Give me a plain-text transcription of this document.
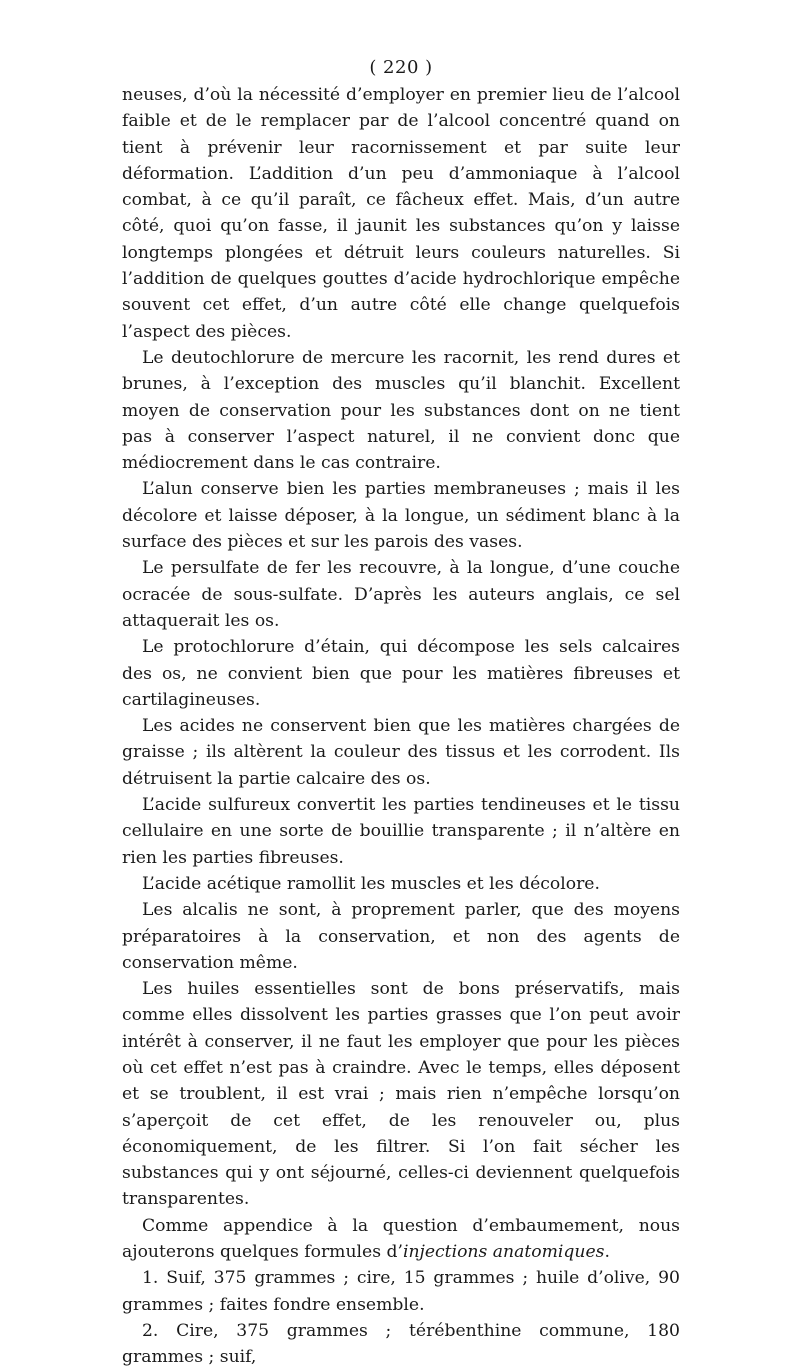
( 220 )

neuses, d’où la nécessité d’employer en premier lieu de l’alcool faible et de le remplacer par de l’alcool concentré quand on tient à prévenir leur racornissement et par suite leur déformation. L’addition d’un peu d’ammoniaque à l’alcool combat, à ce qu’il paraît, ce fâcheux effet. Mais, d’un autre côté, quoi qu’on fasse, il jaunit les substances qu’on y laisse longtemps plongées et détruit leurs couleurs naturelles. Si l’addition de quelques gouttes d’acide hydrochlorique empêche souvent cet effet, d’un autre côté elle change quelquefois l’aspect des pièces.

Le deutochlorure de mercure les racornit, les rend dures et brunes, à l’exception des muscles qu’il blanchit. Excellent moyen de conservation pour les substances dont on ne tient pas à conserver l’aspect naturel, il ne convient donc que médiocrement dans le cas contraire.

L’alun conserve bien les parties membraneuses ; mais il les décolore et laisse déposer, à la longue, un sédiment blanc à la surface des pièces et sur les parois des vases.

Le persulfate de fer les recouvre, à la longue, d’une couche ocracée de sous-sulfate. D’après les auteurs anglais, ce sel attaquerait les os.

Le protochlorure d’étain, qui décompose les sels calcaires des os, ne convient bien que pour les matières fibreuses et cartilagineuses.

Les acides ne conservent bien que les matières chargées de graisse ; ils altèrent la couleur des tissus et les corrodent. Ils détruisent la partie calcaire des os.

L’acide sulfureux convertit les parties tendineuses et le tissu cellulaire en une sorte de bouillie transparente ; il n’altère en rien les parties fibreuses.

L’acide acétique ramollit les muscles et les décolore.

Les alcalis ne sont, à proprement parler, que des moyens préparatoires à la conservation, et non des agents de conservation même.

Les huiles essentielles sont de bons préservatifs, mais comme elles dissolvent les parties grasses que l’on peut avoir intérêt à conserver, il ne faut les employer que pour les pièces où cet effet n’est pas à craindre. Avec le temps, elles déposent et se troublent, il est vrai ; mais rien n’empêche lorsqu’on s’aperçoit de cet effet, de les renouveler ou, plus économiquement, de les filtrer. Si l’on fait sécher les substances qui y ont séjourné, celles-ci deviennent quelquefois transparentes.

Comme appendice à la question d’embaumement, nous ajouterons quelques formules d’injections anatomiques.

1. Suif, 375 grammes ; cire, 15 grammes ; huile d’olive, 90 grammes ; faites fondre ensemble.

2. Cire, 375 grammes ; térébenthine commune, 180 grammes ; suif,
